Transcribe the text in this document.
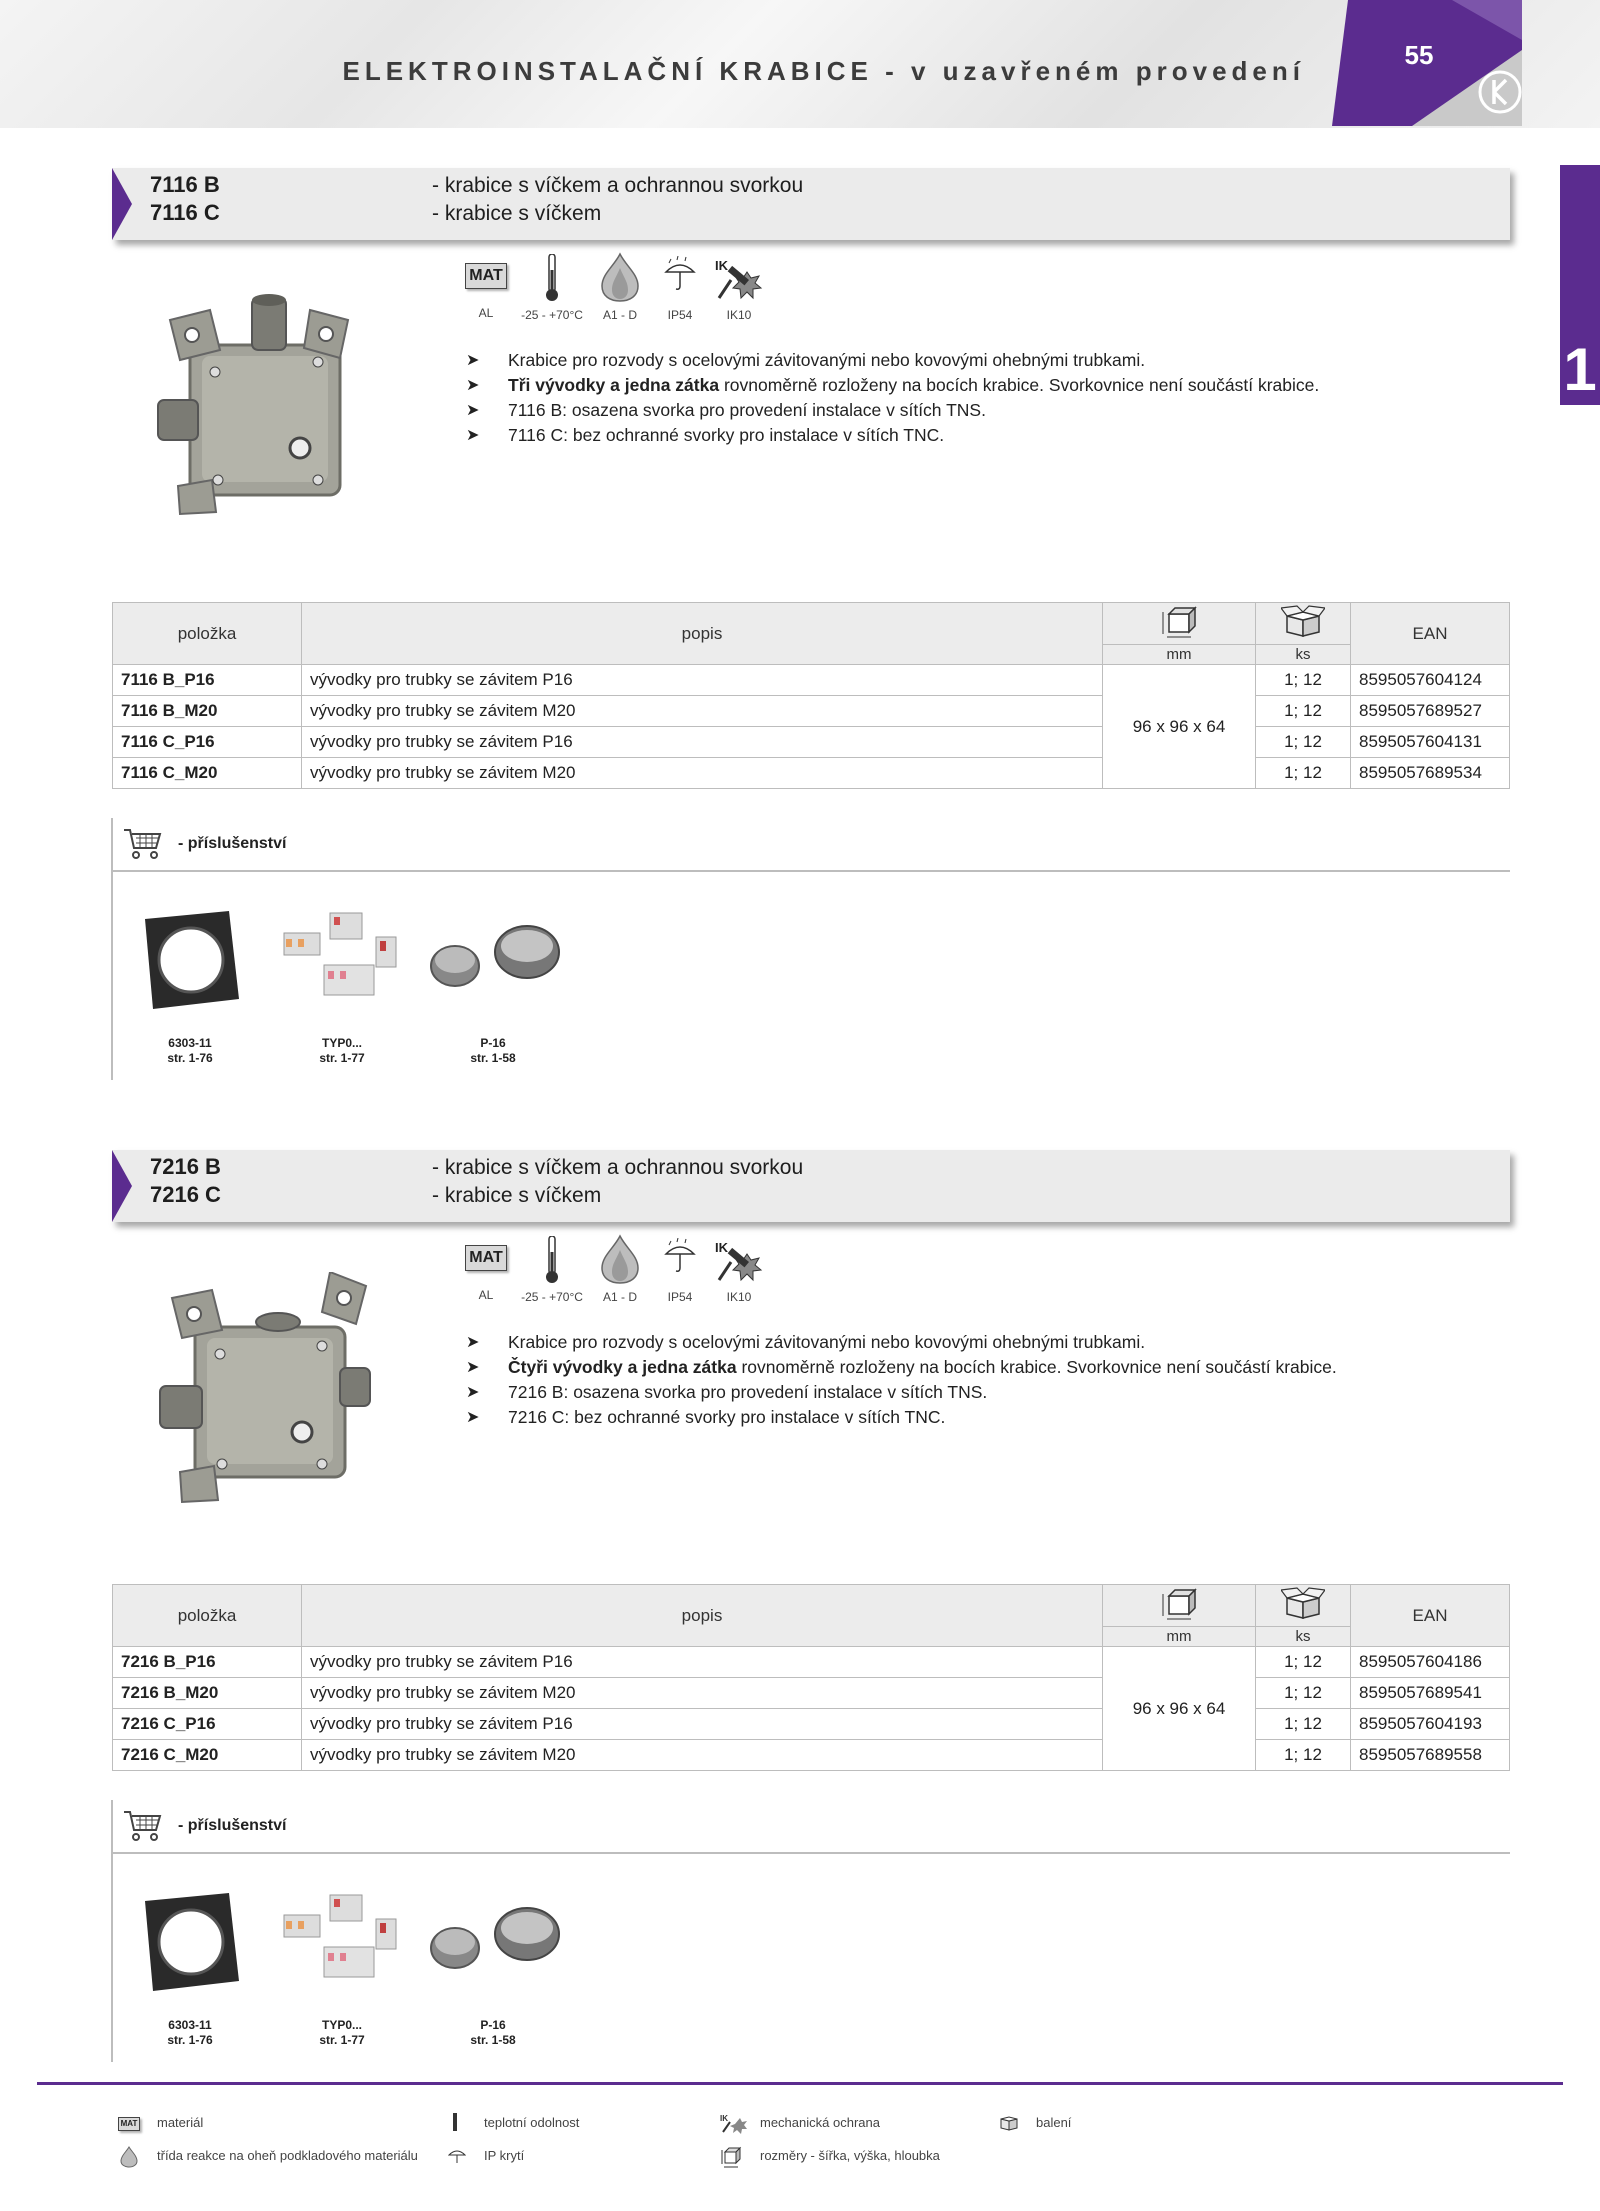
ELEKTROINSTALAČNÍ KRABICE - v uzavřeném provedení
55
1
7116 B
7116 C
- krabice s víčkem a ochrannou svorkou
- krabice s víčkem
MAT
IK
AL	-25 - +70°C	A1 - D	IP54	IK10
➤ Krabice pro rozvody s ocelovými závitovanými nebo kovovými ohebnými trubkami.
➤ Tři vývodky a jedna zátka rovnoměrně rozloženy na bocích krabice. Svorkovnice není součástí krabice.
➤ 7116 B: osazena svorka pro provedení instalace v sítích TNS.
➤ 7116 C: bez ochranné svorky pro instalace v sítích TNC.
položka	popis			EAN
		mm	ks	
7116 B_P16	vývodky pro trubky se závitem P16	96 x 96 x 64	1; 12	8595057604124
7116 B_M20	vývodky pro trubky se závitem M20		1; 12	8595057689527
7116 C_P16	vývodky pro trubky se závitem P16		1; 12	8595057604131
7116 C_M20	vývodky pro trubky se závitem M20		1; 12	8595057689534
- příslušenství
6303-11
str. 1-76
TYP0...
str. 1-77
P-16
str. 1-58
7216 B
7216 C
- krabice s víčkem a ochrannou svorkou
- krabice s víčkem
MAT
IK
AL	-25 - +70°C	A1 - D	IP54	IK10
➤ Krabice pro rozvody s ocelovými závitovanými nebo kovovými ohebnými trubkami.
➤ Čtyři vývodky a jedna zátka rovnoměrně rozloženy na bocích krabice. Svorkovnice není součástí krabice.
➤ 7216 B: osazena svorka pro provedení instalace v sítích TNS.
➤ 7216 C: bez ochranné svorky pro instalace v sítích TNC.
položka	popis			EAN
		mm	ks	
7216 B_P16	vývodky pro trubky se závitem P16	96 x 96 x 64	1; 12	8595057604186
7216 B_M20	vývodky pro trubky se závitem M20		1; 12	8595057689541
7216 C_P16	vývodky pro trubky se závitem P16		1; 12	8595057604193
7216 C_M20	vývodky pro trubky se závitem M20		1; 12	8595057689558
- příslušenství
6303-11
str. 1-76
TYP0...
str. 1-77
P-16
str. 1-58
MAT materiál	teplotní odolnost	IK mechanická ochrana	balení
třída reakce na oheň podkladového materiálu	IP krytí	rozměry - šířka, výška, hloubka
